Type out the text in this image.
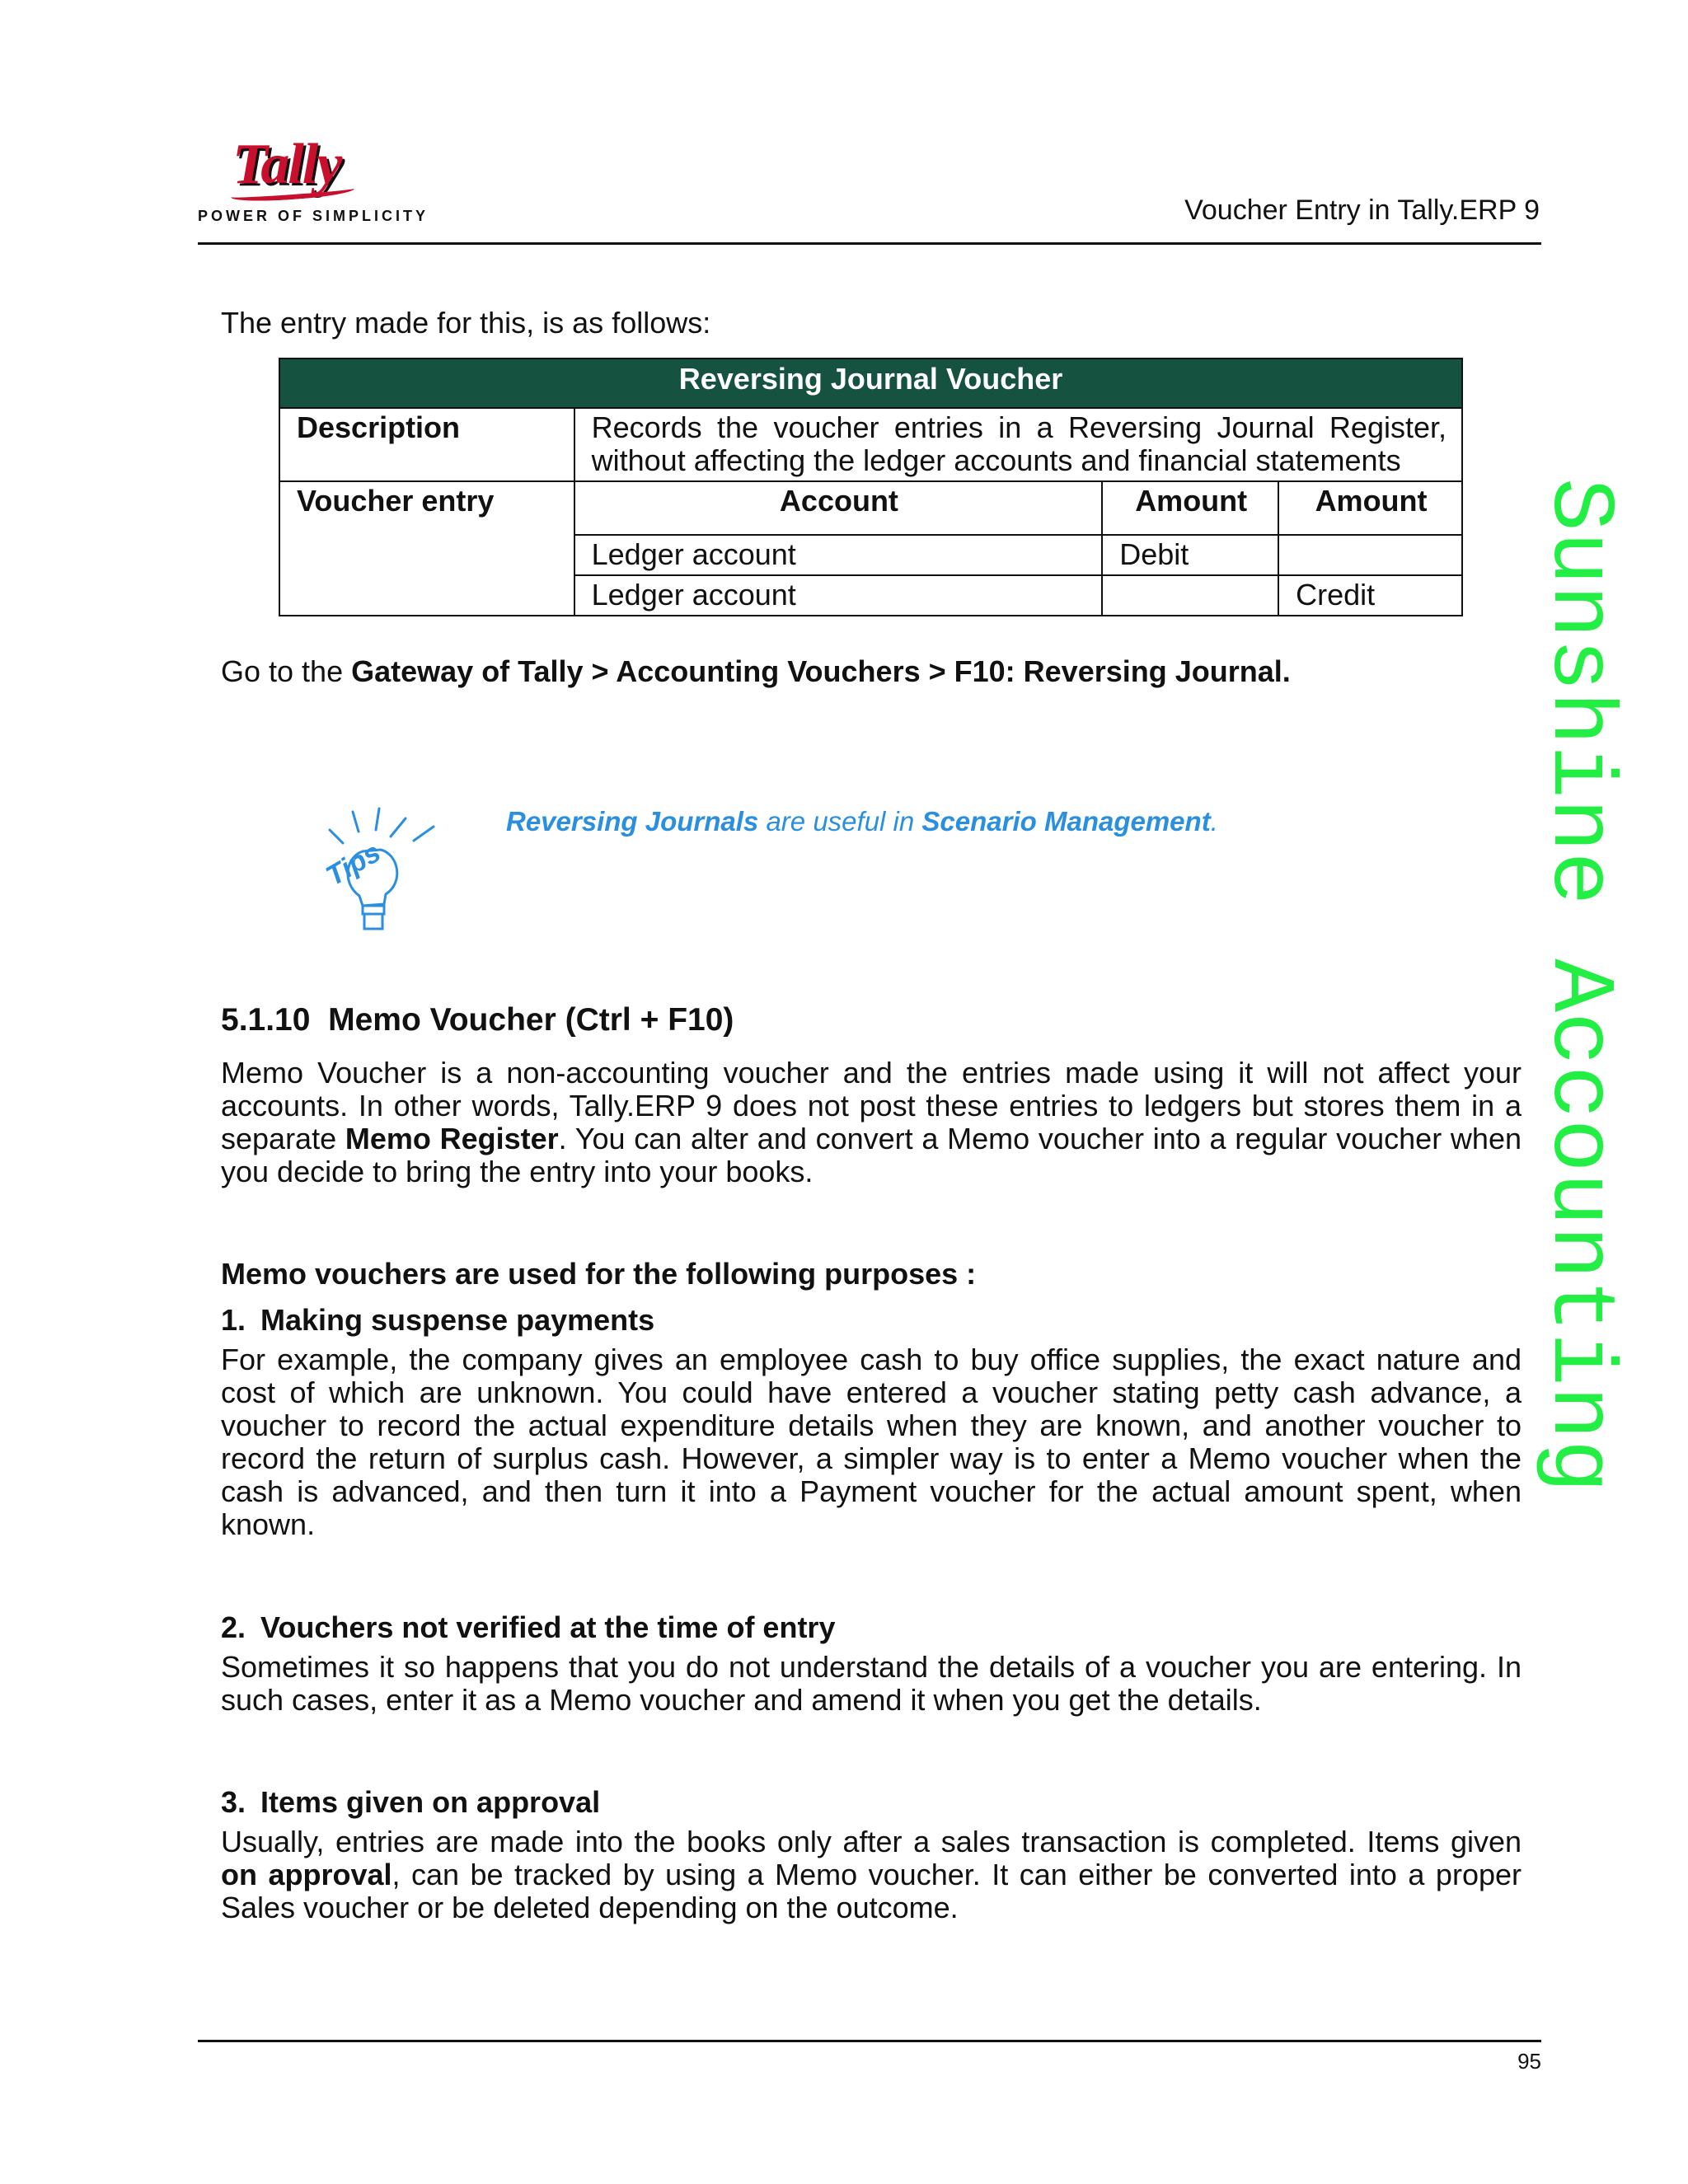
Tally
POWER OF SIMPLICITY	Voucher Entry in Tally.ERP 9
Sunshine Accounting
The entry made for this, is as follows:
Reversing Journal Voucher			
Description	Records the voucher entries in a Reversing Journal Register, without affecting the ledger accounts and financial statements		
Voucher entry	Account	Amount	Amount
	Ledger account	Debit	
	Ledger account		Credit
Go to the Gateway of Tally > Accounting Vouchers > F10: Reversing Journal.
Tips
Reversing Journals are useful in Scenario Management.
5.1.10  Memo Voucher (Ctrl + F10)
Memo Voucher is a non-accounting voucher and the entries made using it will not affect your accounts. In other words, Tally.ERP 9 does not post these entries to ledgers but stores them in a separate Memo Register. You can alter and convert a Memo voucher into a regular voucher when you decide to bring the entry into your books.
Memo vouchers are used for the following purposes :
1. Making suspense payments
For example, the company gives an employee cash to buy office supplies, the exact nature and cost of which are unknown. You could have entered a voucher stating petty cash advance, a voucher to record the actual expenditure details when they are known, and another voucher to record the return of surplus cash. However, a simpler way is to enter a Memo voucher when the cash is advanced, and then turn it into a Payment voucher for the actual amount spent, when known.
2. Vouchers not verified at the time of entry
Sometimes it so happens that you do not understand the details of a voucher you are entering. In such cases, enter it as a Memo voucher and amend it when you get the details.
3. Items given on approval
Usually, entries are made into the books only after a sales transaction is completed. Items given on approval, can be tracked by using a Memo voucher. It can either be converted into a proper Sales voucher or be deleted depending on the outcome.
95
